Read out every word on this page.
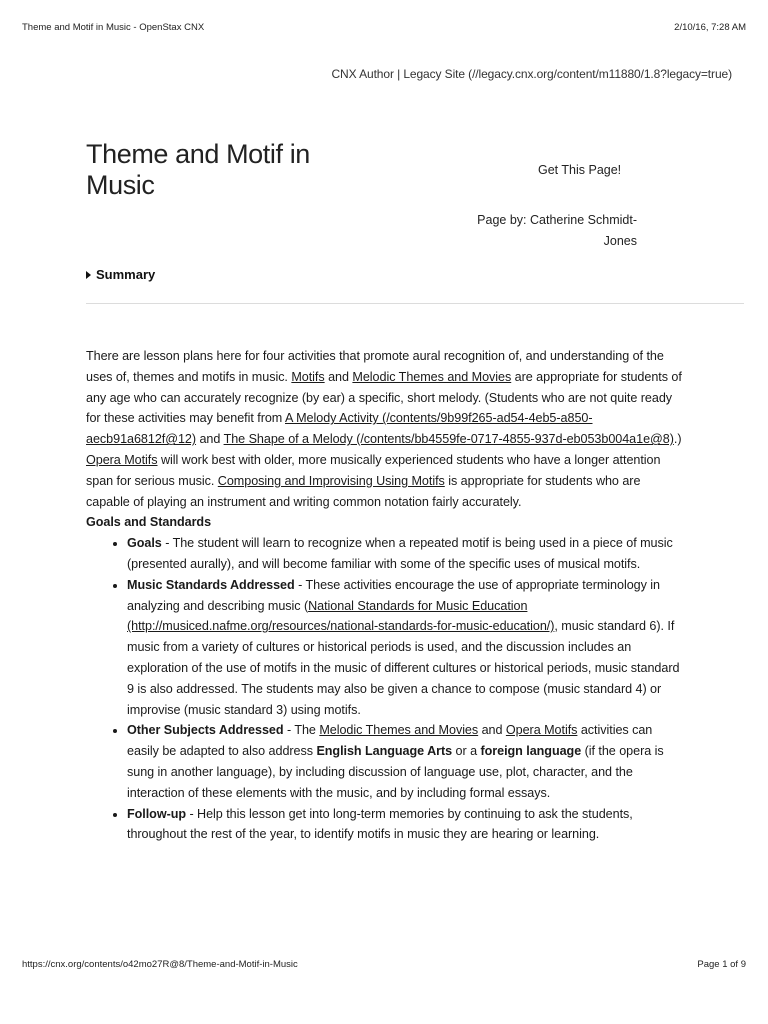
Theme and Motif in Music - OpenStax CNX	2/10/16, 7:28 AM
CNX Author | Legacy Site (//legacy.cnx.org/content/m11880/1.8?legacy=true)
Theme and Motif in Music	Get This Page!
Page by: Catherine Schmidt-Jones
Summary

There are lesson plans here for four activities that promote aural recognition of, and understanding of the uses of, themes and motifs in music. Motifs and Melodic Themes and Movies are appropriate for students of any age who can accurately recognize (by ear) a specific, short melody. (Students who are not quite ready for these activities may benefit from A Melody Activity (/contents/9b99f265-ad54-4eb5-a850-aecb91a6812f@12) and The Shape of a Melody (/contents/bb4559fe-0717-4855-937d-eb053b004a1e@8).) Opera Motifs will work best with older, more musically experienced students who have a longer attention span for serious music. Composing and Improvising Using Motifs is appropriate for students who are capable of playing an instrument and writing common notation fairly accurately.

Goals and Standards

• Goals - The student will learn to recognize when a repeated motif is being used in a piece of music (presented aurally), and will become familiar with some of the specific uses of musical motifs.
• Music Standards Addressed - These activities encourage the use of appropriate terminology in analyzing and describing music (National Standards for Music Education (http://musiced.nafme.org/resources/national-standards-for-music-education/), music standard 6). If music from a variety of cultures or historical periods is used, and the discussion includes an exploration of the use of motifs in the music of different cultures or historical periods, music standard 9 is also addressed. The students may also be given a chance to compose (music standard 4) or improvise (music standard 3) using motifs.
• Other Subjects Addressed - The Melodic Themes and Movies and Opera Motifs activities can easily be adapted to also address English Language Arts or a foreign language (if the opera is sung in another language), by including discussion of language use, plot, character, and the interaction of these elements with the music, and by including formal essays.
• Follow-up - Help this lesson get into long-term memories by continuing to ask the students, throughout the rest of the year, to identify motifs in music they are hearing or learning.
https://cnx.org/contents/o42mo27R@8/Theme-and-Motif-in-Music	Page 1 of 9
